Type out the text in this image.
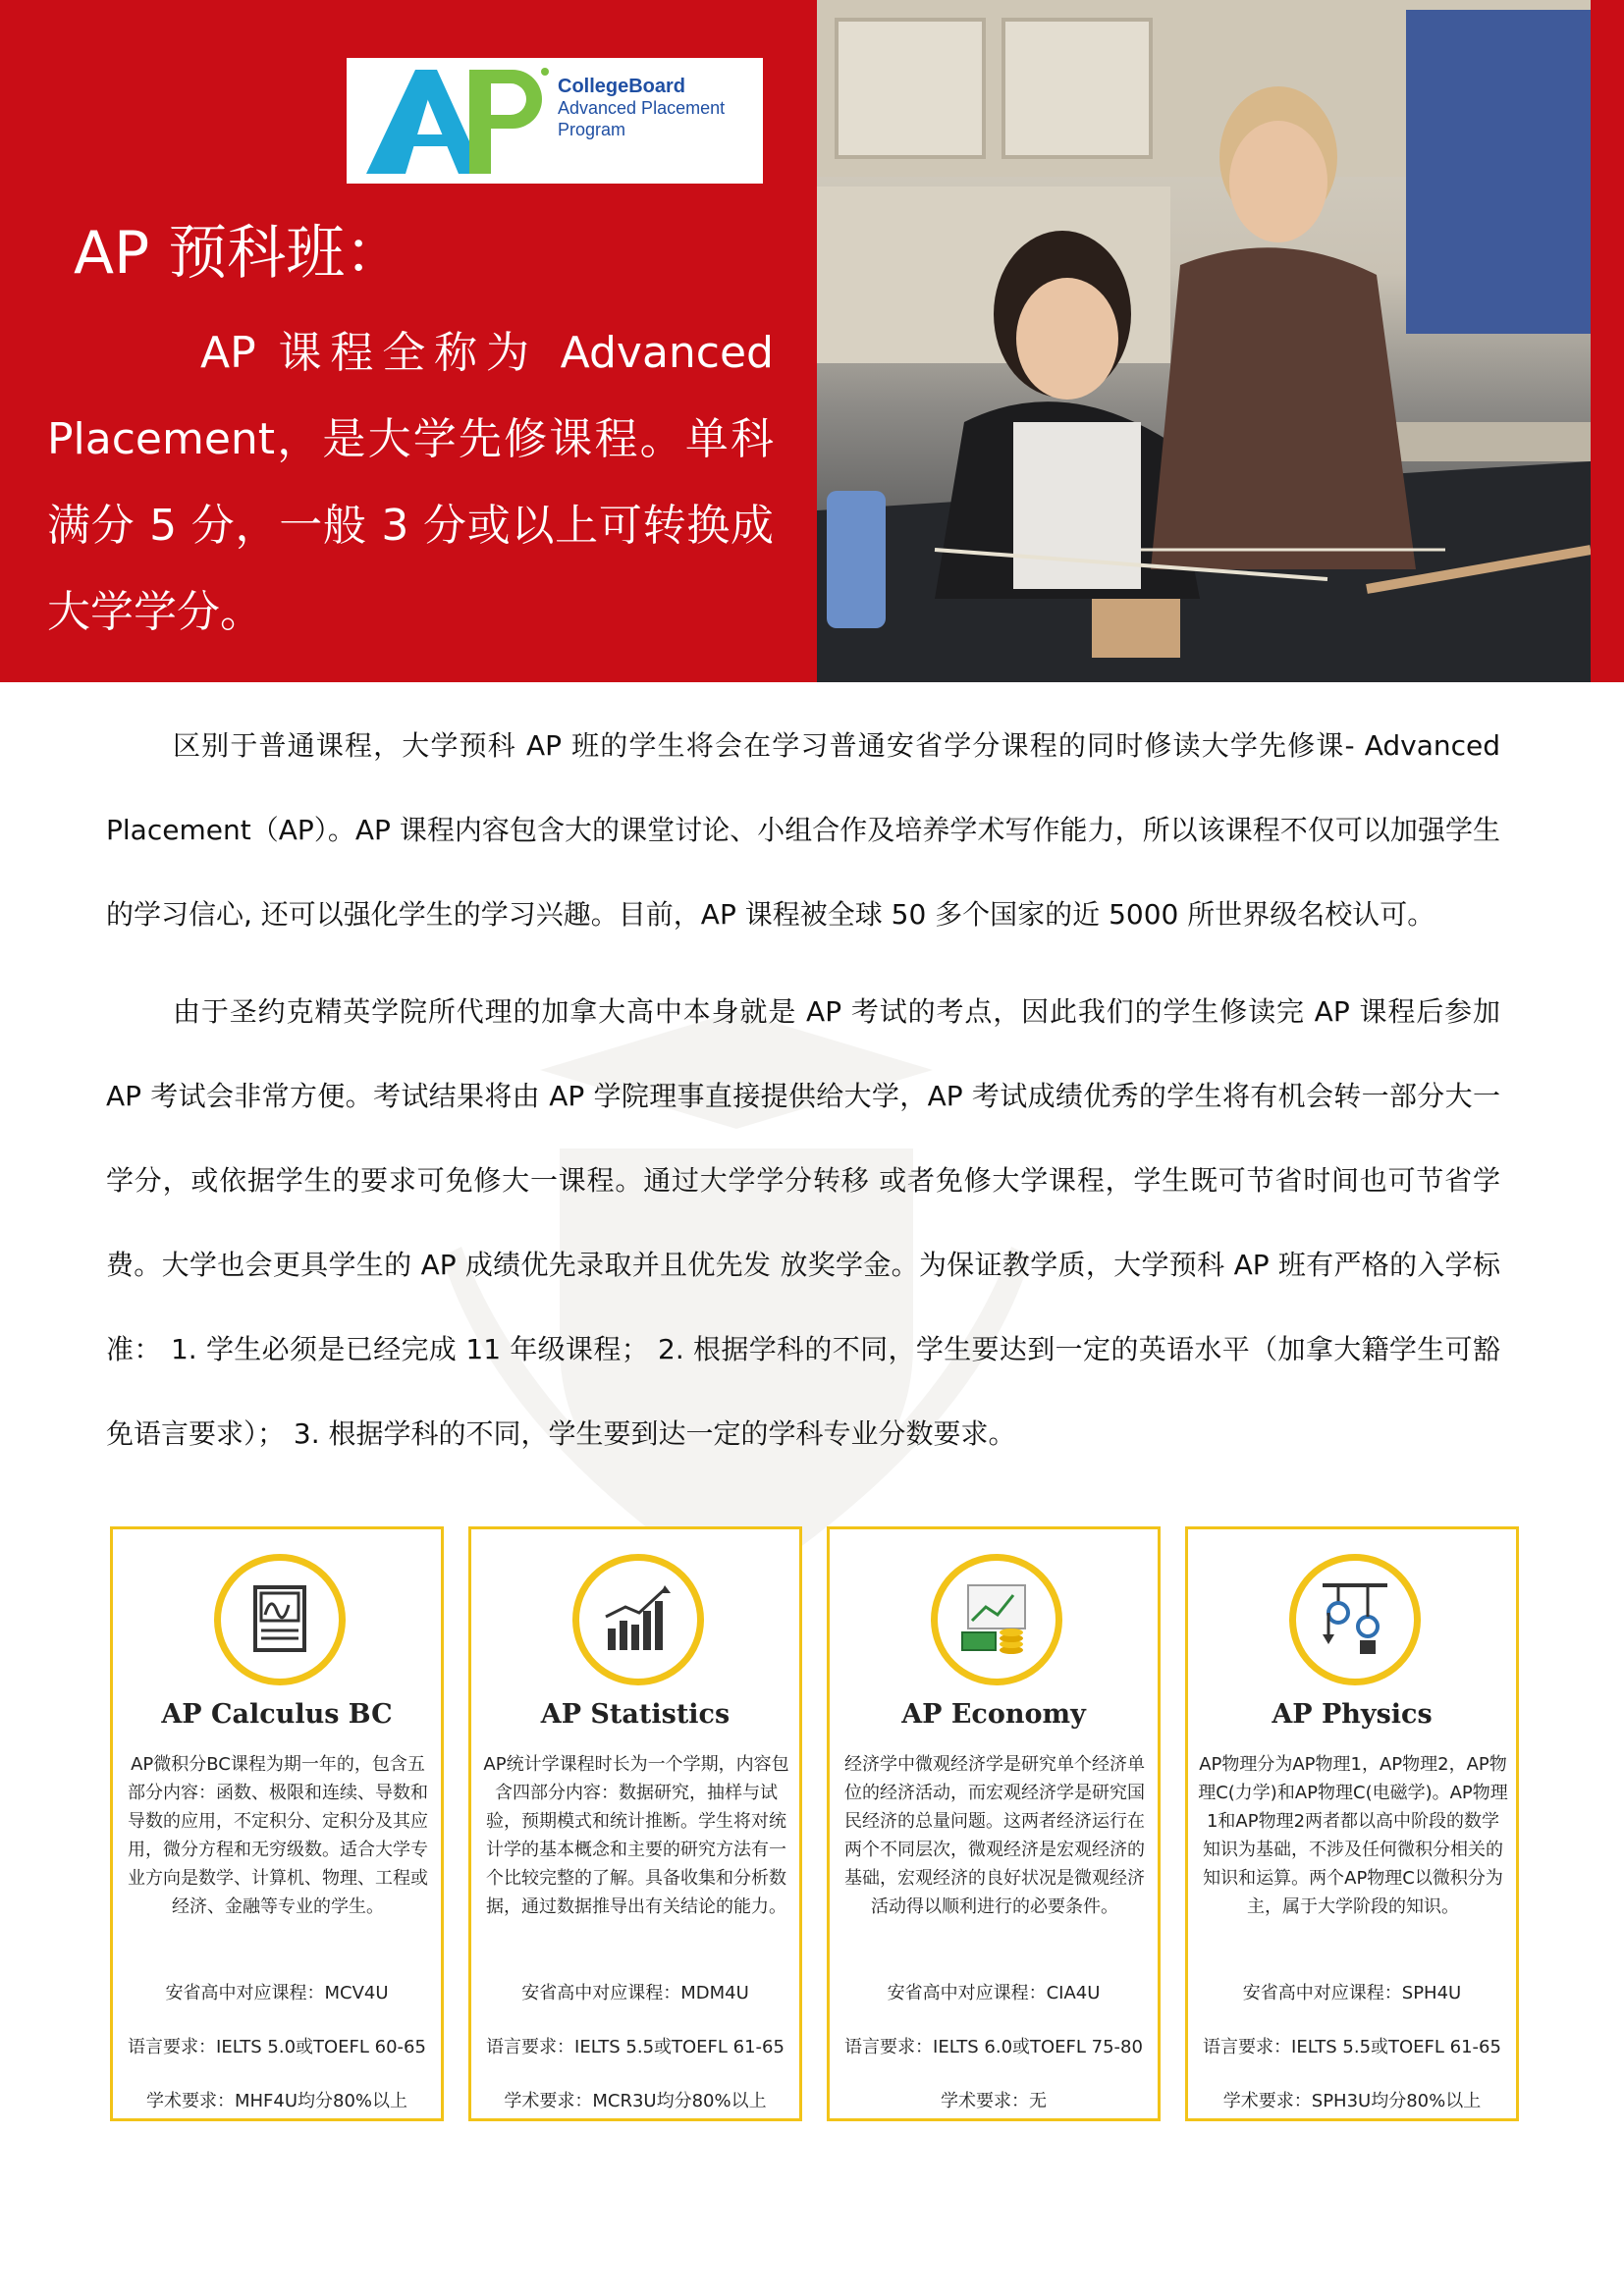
CollegeBoard
Advanced Placement
Program
AP 预科班：
AP 课程全称为 Advanced Placement，是大学先修课程。单科满分 5 分，一般 3 分或以上可转换成大学学分。
区别于普通课程，大学预科 AP 班的学生将会在学习普通安省学分课程的同时修读大学先修课- Advanced Placement（AP）。AP 课程内容包含大的课堂讨论、小组合作及培养学术写作能力，所以该课程不仅可以加强学生的学习信心, 还可以强化学生的学习兴趣。目前，AP 课程被全球 50 多个国家的近 5000 所世界级名校认可。
由于圣约克精英学院所代理的加拿大高中本身就是 AP 考试的考点，因此我们的学生修读完 AP 课程后参加 AP 考试会非常方便。考试结果将由 AP 学院理事直接提供给大学，AP 考试成绩优秀的学生将有机会转一部分大一学分，或依据学生的要求可免修大一课程。通过大学学分转移 或者免修大学课程，学生既可节省时间也可节省学费。大学也会更具学生的 AP 成绩优先录取并且优先发 放奖学金。为保证教学质，大学预科 AP 班有严格的入学标准： 1. 学生必须是已经完成 11 年级课程； 2. 根据学科的不同，学生要达到一定的英语水平（加拿大籍学生可豁免语言要求）； 3. 根据学科的不同，学生要到达一定的学科专业分数要求。
AP Calculus BC
AP微积分BC课程为期一年的，包含五部分内容：函数、极限和连续、导数和导数的应用，不定积分、定积分及其应用，微分方程和无穷级数。适合大学专业方向是数学、计算机、物理、工程或经济、金融等专业的学生。
安省高中对应课程：MCV4U
语言要求：IELTS 5.0或TOEFL 60-65
学术要求：MHF4U均分80%以上
AP Statistics
AP统计学课程时长为一个学期，内容包含四部分内容：数据研究，抽样与试验，预期模式和统计推断。学生将对统计学的基本概念和主要的研究方法有一个比较完整的了解。具备收集和分析数据，通过数据推导出有关结论的能力。
安省高中对应课程：MDM4U
语言要求：IELTS 5.5或TOEFL 61-65
学术要求：MCR3U均分80%以上
AP Economy
经济学中微观经济学是研究单个经济单位的经济活动，而宏观经济学是研究国民经济的总量问题。这两者经济运行在两个不同层次，微观经济是宏观经济的基础，宏观经济的良好状况是微观经济活动得以顺利进行的必要条件。
安省高中对应课程：CIA4U
语言要求：IELTS 6.0或TOEFL 75-80
学术要求：无
AP Physics
AP物理分为AP物理1，AP物理2，AP物理C(力学)和AP物理C(电磁学)。AP物理1和AP物理2两者都以高中阶段的数学知识为基础，不涉及任何微积分相关的知识和运算。两个AP物理C以微积分为主，属于大学阶段的知识。
安省高中对应课程：SPH4U
语言要求：IELTS 5.5或TOEFL 61-65
学术要求：SPH3U均分80%以上
